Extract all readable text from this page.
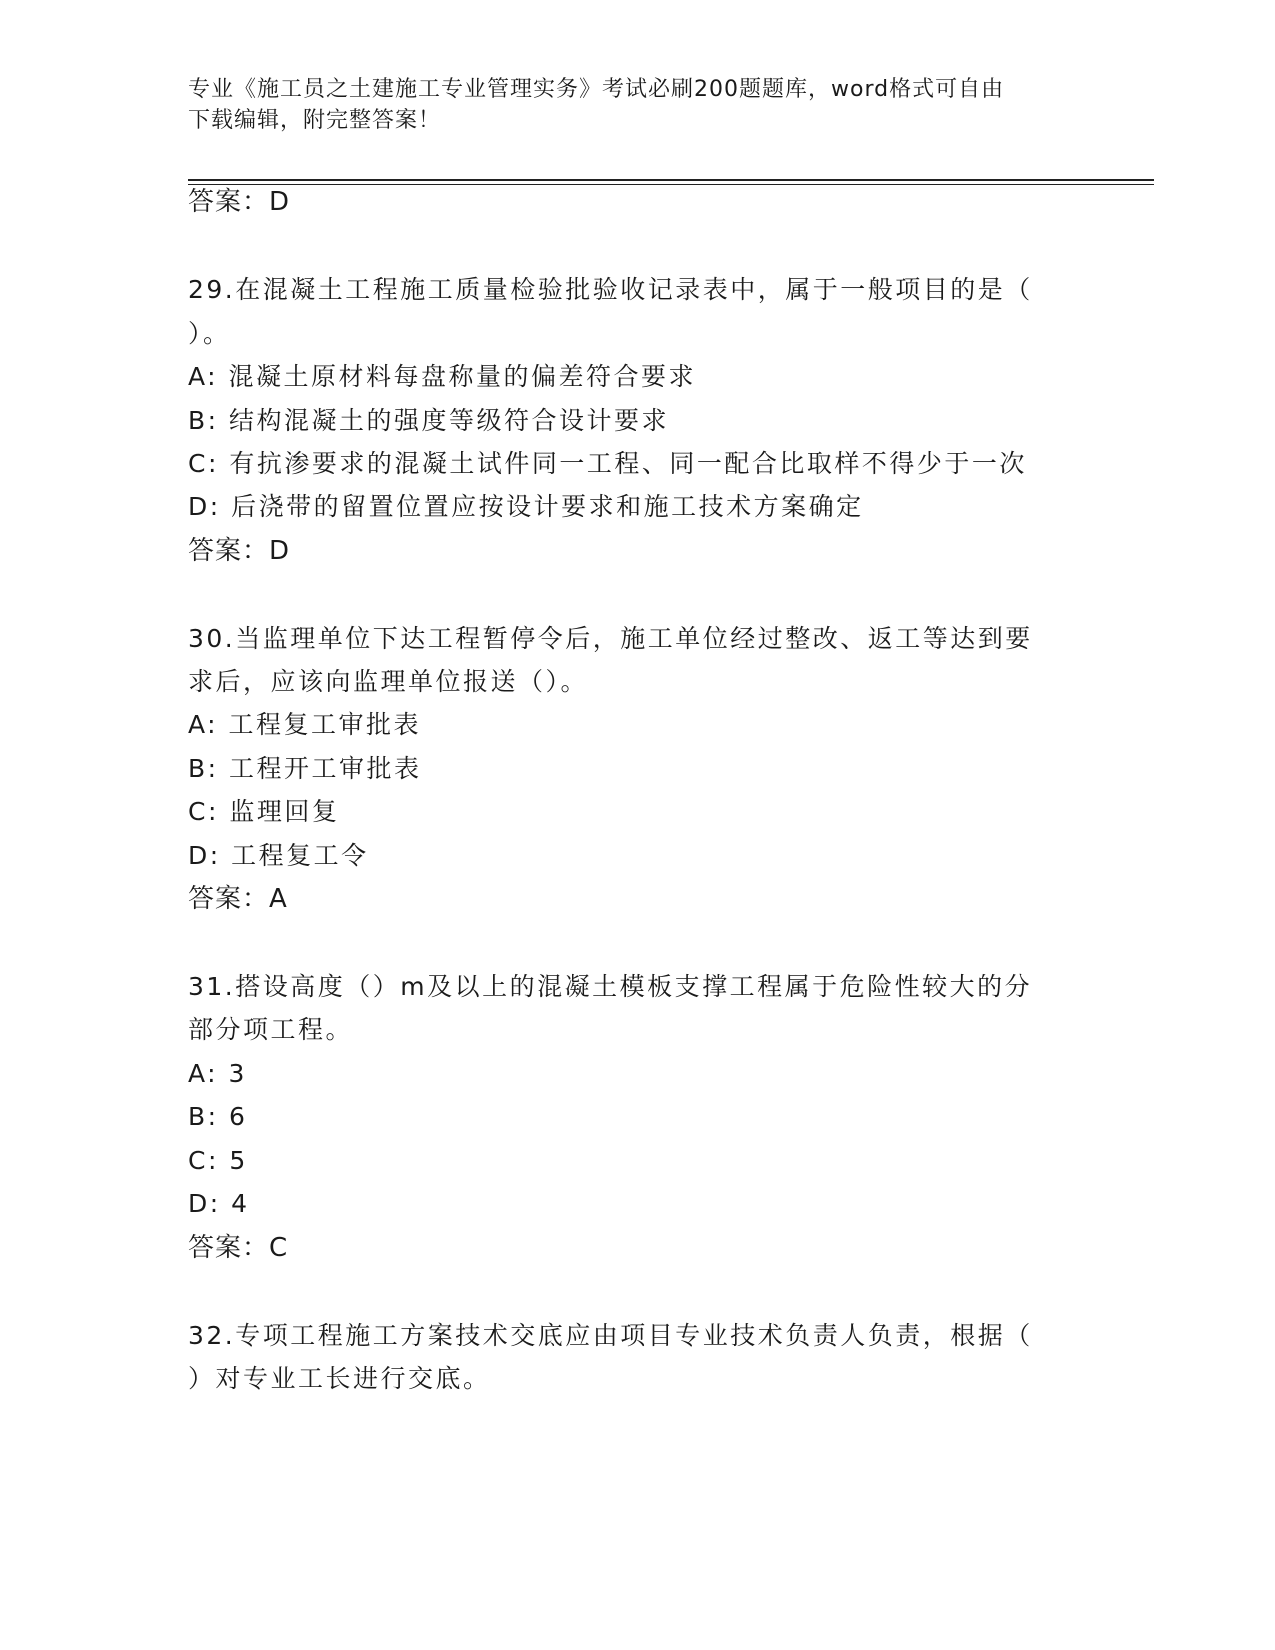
专业《施工员之土建施工专业管理实务》考试必刷200题题库，word格式可自由
下载编辑，附完整答案！
答案：D
29.在混凝土工程施工质量检验批验收记录表中，属于一般项目的是（
）。
A: 混凝土原材料每盘称量的偏差符合要求
B: 结构混凝土的强度等级符合设计要求
C: 有抗渗要求的混凝土试件同一工程、同一配合比取样不得少于一次
D: 后浇带的留置位置应按设计要求和施工技术方案确定
答案：D
30.当监理单位下达工程暂停令后，施工单位经过整改、返工等达到要
求后，应该向监理单位报送（）。
A: 工程复工审批表
B: 工程开工审批表
C: 监理回复
D: 工程复工令
答案：A
31.搭设高度（）m及以上的混凝土模板支撑工程属于危险性较大的分
部分项工程。
A: 3
B: 6
C: 5
D: 4
答案：C
32.专项工程施工方案技术交底应由项目专业技术负责人负责，根据（
）对专业工长进行交底。
